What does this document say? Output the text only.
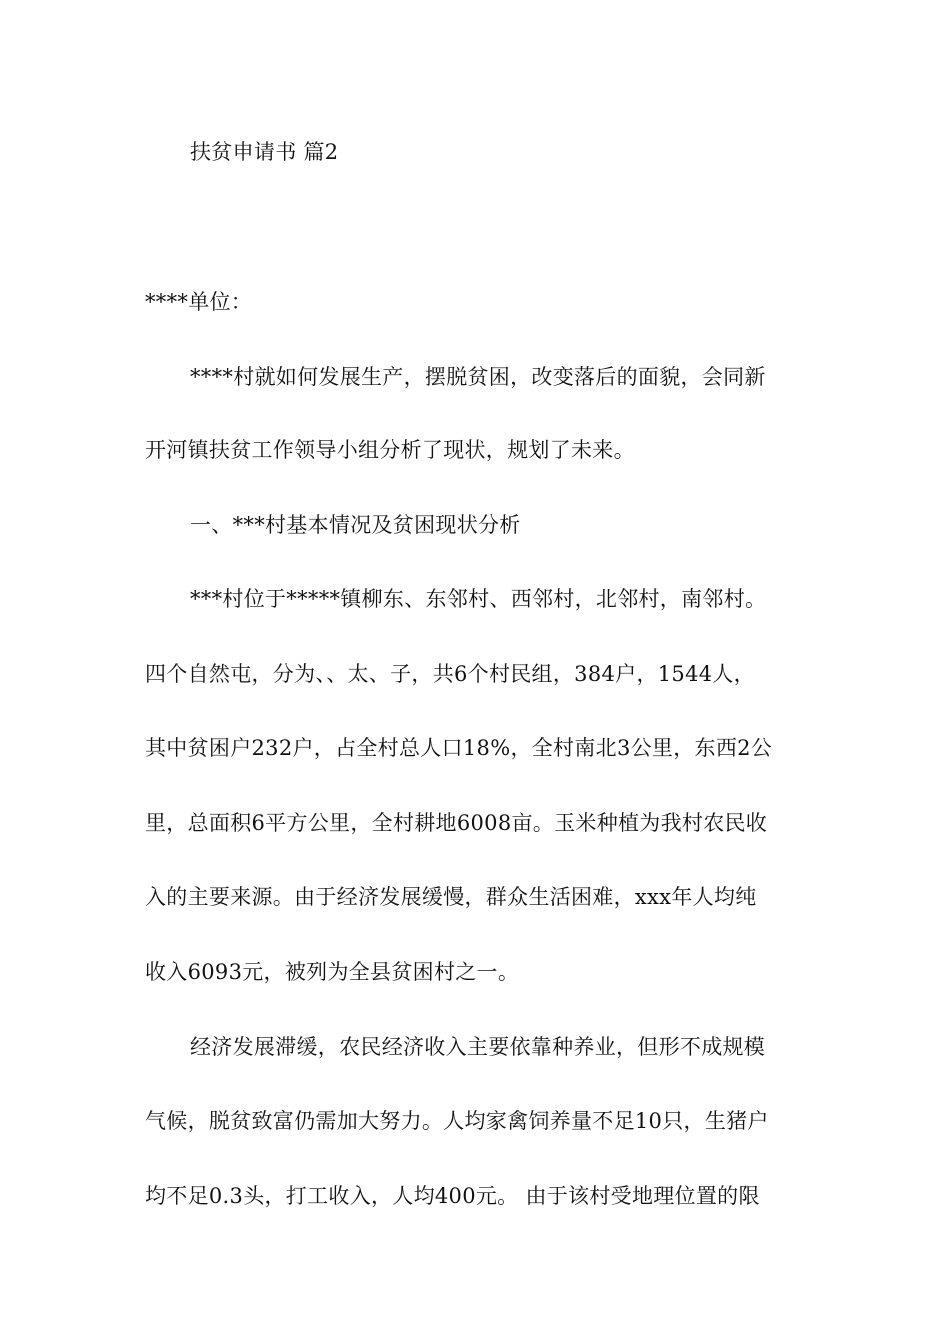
扶贫申请书 篇2
****单位：
****村就如何发展生产，摆脱贫困，改变落后的面貌，会同新
开河镇扶贫工作领导小组分析了现状，规划了未来。
一、***村基本情况及贫困现状分析
***村位于*****镇柳东、东邻村、西邻村，北邻村，南邻村。
四个自然屯，分为、、太、子，共6个村民组，384户，1544人，
其中贫困户232户，占全村总人口18%，全村南北3公里，东西2公
里，总面积6平方公里，全村耕地6008亩。玉米种植为我村农民收
入的主要来源。由于经济发展缓慢，群众生活困难，xxx年人均纯
收入6093元，被列为全县贫困村之一。
经济发展滞缓，农民经济收入主要依靠种养业，但形不成规模
气候，脱贫致富仍需加大努力。人均家禽饲养量不足10只，生猪户
均不足0.3头，打工收入，人均400元。 由于该村受地理位置的限
